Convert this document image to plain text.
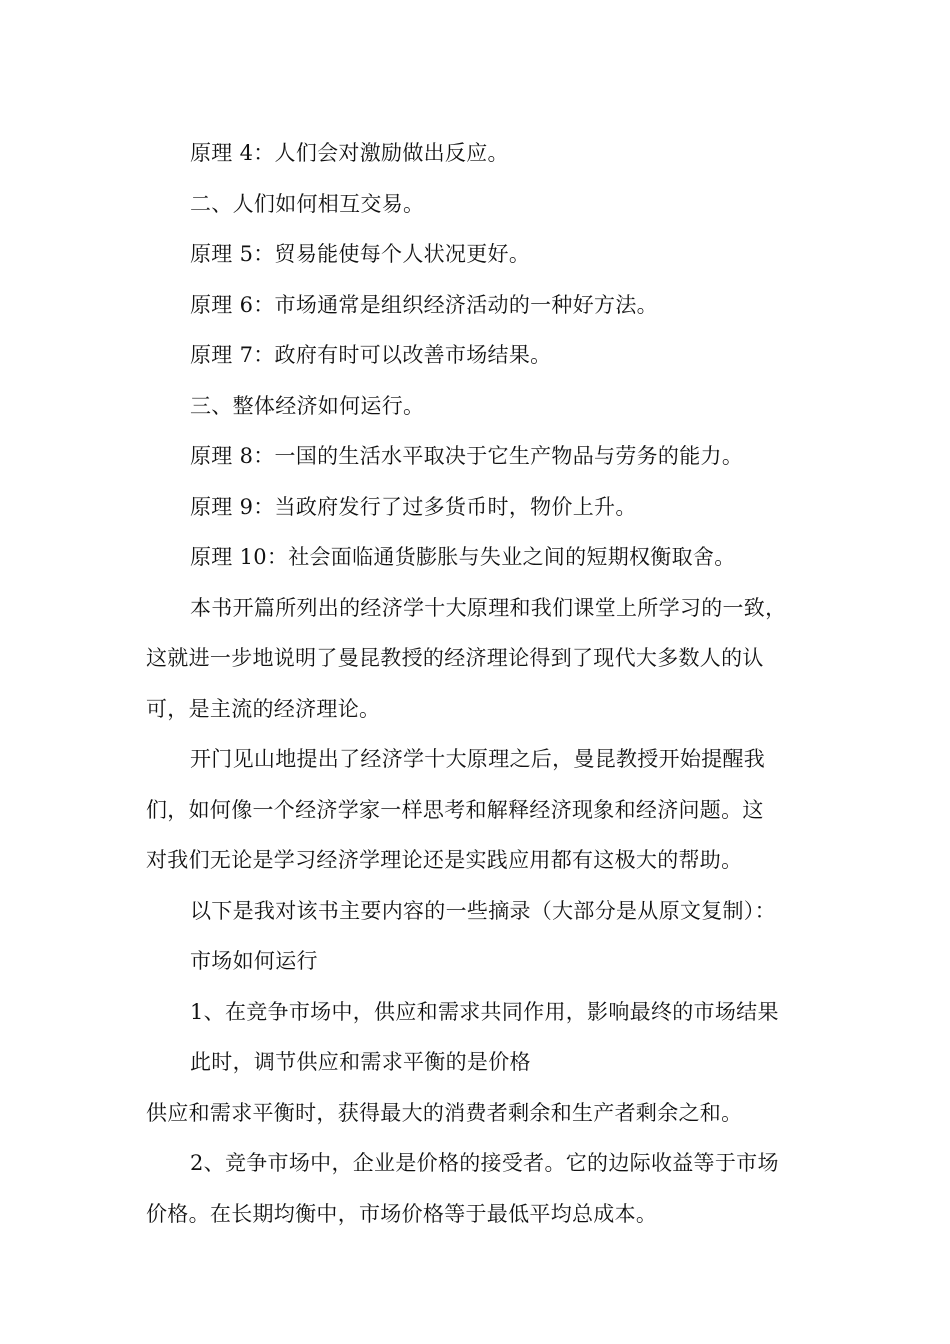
原理 4：人们会对激励做出反应。
二、人们如何相互交易。
原理 5：贸易能使每个人状况更好。
原理 6：市场通常是组织经济活动的一种好方法。
原理 7：政府有时可以改善市场结果。
三、整体经济如何运行。
原理 8：一国的生活水平取决于它生产物品与劳务的能力。
原理 9：当政府发行了过多货币时，物价上升。
原理 10：社会面临通货膨胀与失业之间的短期权衡取舍。
本书开篇所列出的经济学十大原理和我们课堂上所学习的一致，
这就进一步地说明了曼昆教授的经济理论得到了现代大多数人的认
可，是主流的经济理论。
开门见山地提出了经济学十大原理之后，曼昆教授开始提醒我
们，如何像一个经济学家一样思考和解释经济现象和经济问题。这
对我们无论是学习经济学理论还是实践应用都有这极大的帮助。
以下是我对该书主要内容的一些摘录（大部分是从原文复制）：
市场如何运行
1、在竞争市场中，供应和需求共同作用，影响最终的市场结果
此时，调节供应和需求平衡的是价格
供应和需求平衡时，获得最大的消费者剩余和生产者剩余之和。
2、竞争市场中，企业是价格的接受者。它的边际收益等于市场
价格。在长期均衡中，市场价格等于最低平均总成本。
